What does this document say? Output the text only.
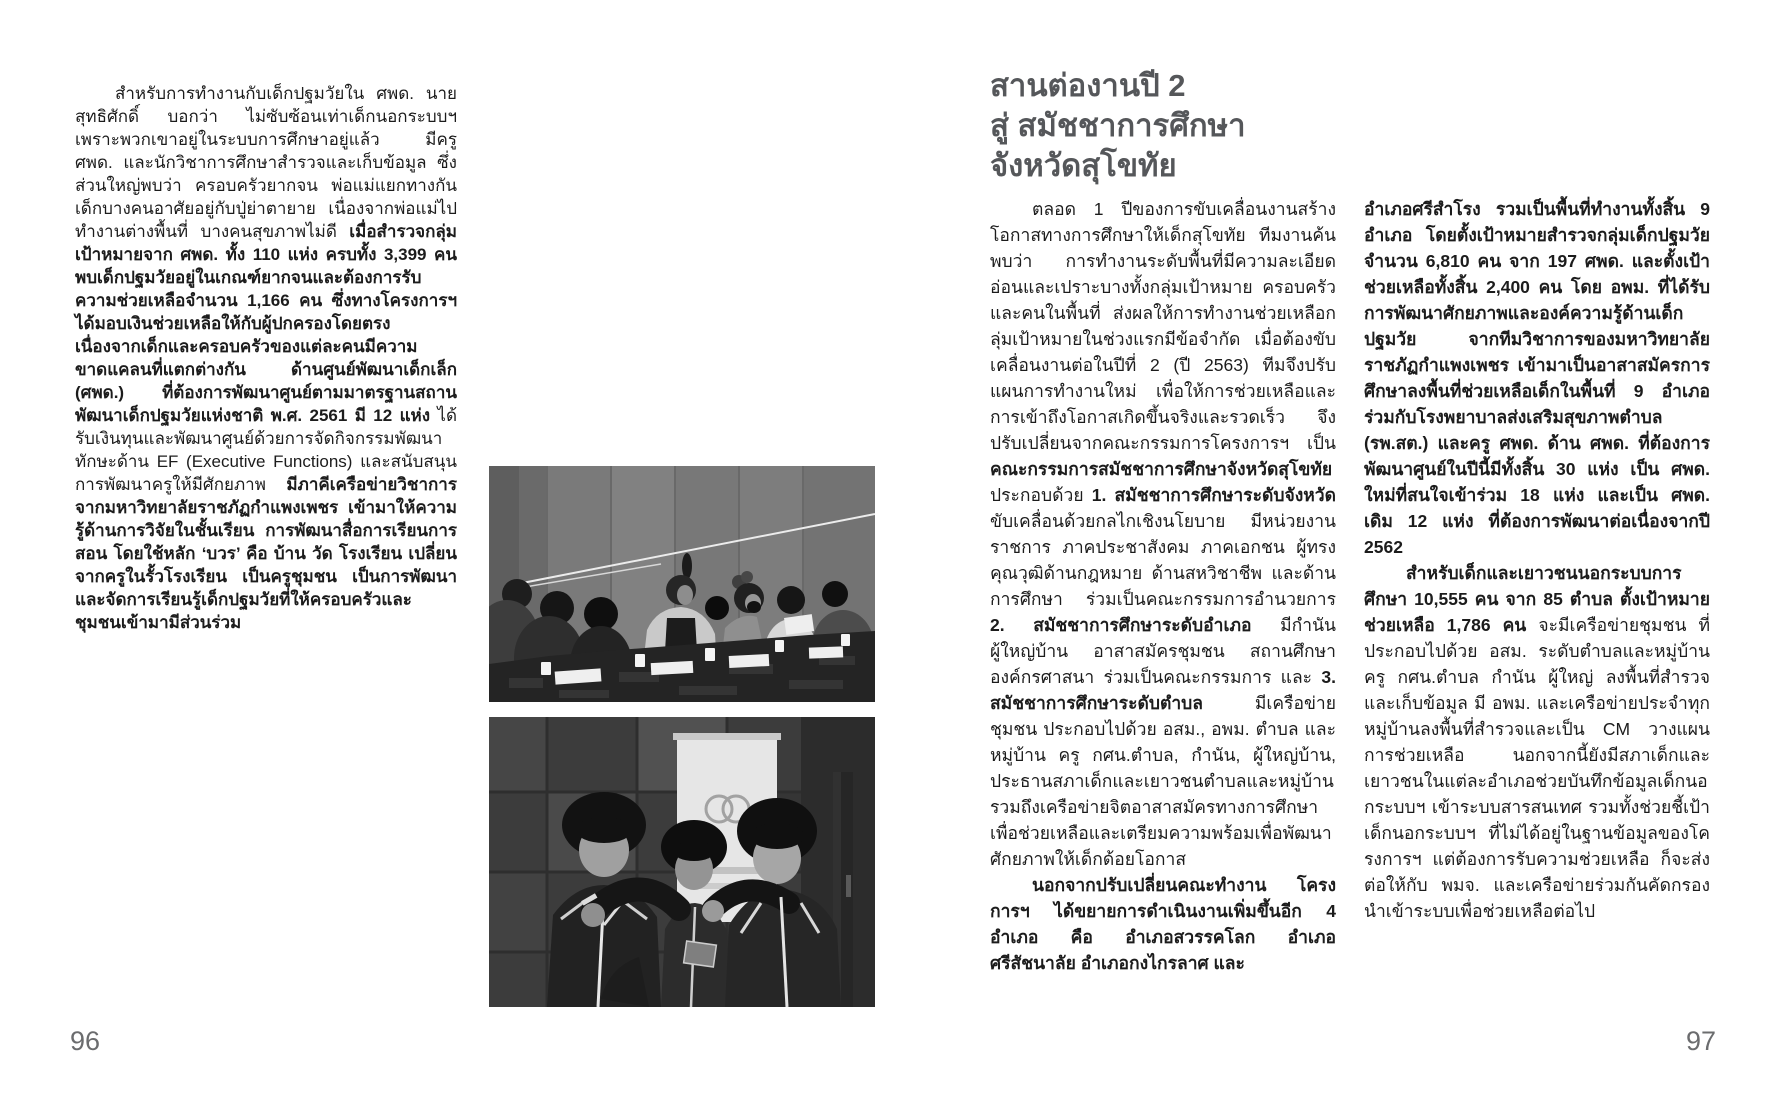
สำหรับการทำงานกับเด็กปฐมวัยใน ศพด. นายสุทธิศักดิ์ บอกว่า ไม่ซับซ้อนเท่าเด็กนอกระบบฯ เพราะพวกเขาอยู่ในระบบการศึกษาอยู่แล้ว มีครู ศพด. และนักวิชาการศึกษาสำรวจและเก็บข้อมูล ซึ่งส่วนใหญ่พบว่า ครอบครัวยากจน พ่อแม่แยกทางกัน เด็กบางคนอาศัยอยู่กับปู่ย่าตายาย เนื่องจากพ่อแม่ไปทำงานต่างพื้นที่ บางคนสุขภาพไม่ดี เมื่อสำรวจกลุ่มเป้าหมายจาก ศพด. ทั้ง 110 แห่ง ครบทั้ง 3,399 คน พบเด็กปฐมวัยอยู่ในเกณฑ์ยากจนและต้องการรับความช่วยเหลือจำนวน 1,166 คน ซึ่งทางโครงการฯ ได้มอบเงินช่วยเหลือให้กับผู้ปกครองโดยตรง เนื่องจากเด็กและครอบครัวของแต่ละคนมีความขาดแคลนที่แตกต่างกัน ด้านศูนย์พัฒนาเด็กเล็ก (ศพด.) ที่ต้องการพัฒนาศูนย์ตามมาตรฐานสถานพัฒนาเด็กปฐมวัยแห่งชาติ พ.ศ. 2561 มี 12 แห่ง ได้รับเงินทุนและพัฒนาศูนย์ด้วยการจัดกิจกรรมพัฒนาทักษะด้าน EF (Executive Functions) และสนับสนุนการพัฒนาครูให้มีศักยภาพ มีภาคีเครือข่ายวิชาการจากมหาวิทยาลัยราชภัฏกำแพงเพชร เข้ามาให้ความรู้ด้านการวิจัยในชั้นเรียน การพัฒนาสื่อการเรียนการสอน โดยใช้หลัก ‘บวร’ คือ บ้าน วัด โรงเรียน เปลี่ยนจากครูในรั้วโรงเรียน เป็นครูชุมชน เป็นการพัฒนาและจัดการเรียนรู้เด็กปฐมวัยที่ให้ครอบครัวและชุมชนเข้ามามีส่วนร่วม

96
สานต่องานปี 2
สู่ สมัชชาการศึกษา
จังหวัดสุโขทัย

ตลอด 1 ปีของการขับเคลื่อนงานสร้างโอกาสทางการศึกษาให้เด็กสุโขทัย ทีมงานค้นพบว่า การทำงานระดับพื้นที่มีความละเอียดอ่อนและเปราะบางทั้งกลุ่มเป้าหมาย ครอบครัว และคนในพื้นที่ ส่งผลให้การทำงานช่วยเหลือกลุ่มเป้าหมายในช่วงแรกมีข้อจำกัด เมื่อต้องขับเคลื่อนงานต่อในปีที่ 2 (ปี 2563) ทีมจึงปรับแผนการทำงานใหม่ เพื่อให้การช่วยเหลือและการเข้าถึงโอกาสเกิดขึ้นจริงและรวดเร็ว จึงปรับเปลี่ยนจากคณะกรรมการโครงการฯ เป็นคณะกรรมการสมัชชาการศึกษาจังหวัดสุโขทัย ประกอบด้วย 1. สมัชชาการศึกษาระดับจังหวัด ขับเคลื่อนด้วยกลไกเชิงนโยบาย มีหน่วยงานราชการ ภาคประชาสังคม ภาคเอกชน ผู้ทรงคุณวุฒิด้านกฎหมาย ด้านสหวิชาชีพ และด้านการศึกษา ร่วมเป็นคณะกรรมการอำนวยการ 2. สมัชชาการศึกษาระดับอำเภอ มีกำนัน ผู้ใหญ่บ้าน อาสาสมัครชุมชน สถานศึกษา องค์กรศาสนา ร่วมเป็นคณะกรรมการ และ 3. สมัชชาการศึกษาระดับตำบล มีเครือข่ายชุมชน ประกอบไปด้วย อสม., อพม. ตำบล และหมู่บ้าน ครู กศน.ตำบล, กำนัน, ผู้ใหญ่บ้าน, ประธานสภาเด็กและเยาวชนตำบลและหมู่บ้าน รวมถึงเครือข่ายจิตอาสาสมัครทางการศึกษา เพื่อช่วยเหลือและเตรียมความพร้อมเพื่อพัฒนาศักยภาพให้เด็กด้อยโอกาส

นอกจากปรับเปลี่ยนคณะทำงาน โครงการฯ ได้ขยายการดำเนินงานเพิ่มขึ้นอีก 4 อำเภอ คือ อำเภอสวรรคโลก อำเภอศรีสัชนาลัย อำเภอกงไกรลาศ และ

อำเภอศรีสำโรง รวมเป็นพื้นที่ทำงานทั้งสิ้น 9 อำเภอ โดยตั้งเป้าหมายสำรวจกลุ่มเด็กปฐมวัยจำนวน 6,810 คน จาก 197 ศพด. และตั้งเป้าช่วยเหลือทั้งสิ้น 2,400 คน โดย อพม. ที่ได้รับการพัฒนาศักยภาพและองค์ความรู้ด้านเด็กปฐมวัย จากทีมวิชาการของมหาวิทยาลัยราชภัฏกำแพงเพชร เข้ามาเป็นอาสาสมัครการศึกษาลงพื้นที่ช่วยเหลือเด็กในพื้นที่ 9 อำเภอ ร่วมกับโรงพยาบาลส่งเสริมสุขภาพตำบล (รพ.สต.) และครู ศพด. ด้าน ศพด. ที่ต้องการพัฒนาศูนย์ในปีนี้มีทั้งสิ้น 30 แห่ง เป็น ศพด. ใหม่ที่สนใจเข้าร่วม 18 แห่ง และเป็น ศพด. เดิม 12 แห่ง ที่ต้องการพัฒนาต่อเนื่องจากปี 2562

สำหรับเด็กและเยาวชนนอกระบบการศึกษา 10,555 คน จาก 85 ตำบล ตั้งเป้าหมายช่วยเหลือ 1,786 คน จะมีเครือข่ายชุมชน ที่ประกอบไปด้วย อสม. ระดับตำบลและหมู่บ้าน ครู กศน.ตำบล กำนัน ผู้ใหญ่ ลงพื้นที่สำรวจและเก็บข้อมูล มี อพม. และเครือข่ายประจำทุกหมู่บ้านลงพื้นที่สำรวจและเป็น CM วางแผนการช่วยเหลือ นอกจากนี้ยังมีสภาเด็กและเยาวชนในแต่ละอำเภอช่วยบันทึกข้อมูลเด็กนอกระบบฯ เข้าระบบสารสนเทศ รวมทั้งช่วยชี้เป้าเด็กนอกระบบฯ ที่ไม่ได้อยู่ในฐานข้อมูลของโครงการฯ แต่ต้องการรับความช่วยเหลือ ก็จะส่งต่อให้กับ พมจ. และเครือข่ายร่วมกันคัดกรองนำเข้าระบบเพื่อช่วยเหลือต่อไป

97
